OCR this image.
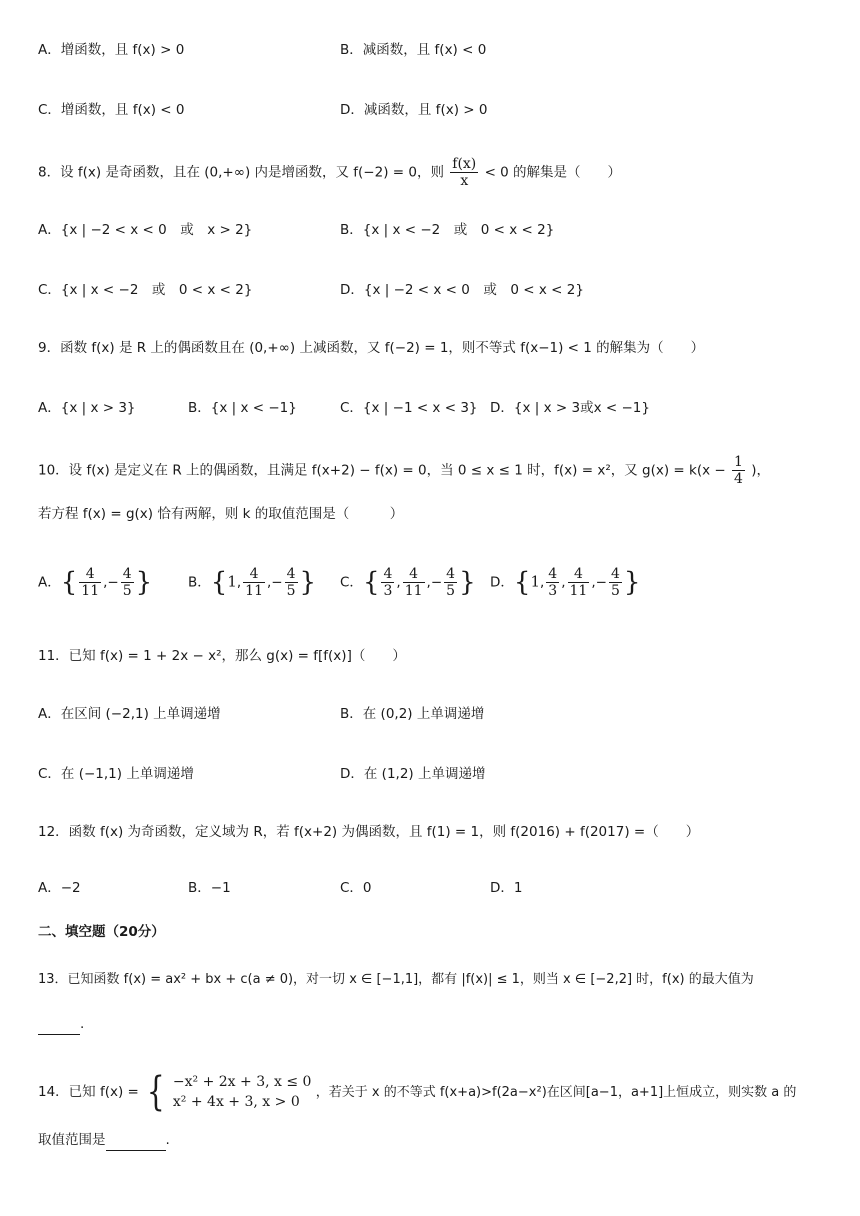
A．增函数，且 f(x) > 0	B．减函数，且 f(x) < 0
C．增函数，且 f(x) < 0	D．减函数，且 f(x) > 0
8．设 f(x) 是奇函数，且在 (0,+∞) 内是增函数，又 f(−2) = 0，则 $\frac{f(x)}{x} < 0$ 的解集是（　　）
A．{x | −2 < x < 0　或　x > 2}	B．{x | x < −2　或　0 < x < 2}
C．{x | x < −2　或　0 < x < 2}	D．{x | −2 < x < 0　或　0 < x < 2}
9．函数 f(x) 是 R 上的偶函数且在 (0,+∞) 上减函数，又 f(−2) = 1，则不等式 f(x−1) < 1 的解集为（　　）
A．{x | x > 3}	B．{x | x < −1}	C．{x | −1 < x < 3} D．{x | x > 3或x < −1}
10．设 f(x) 是定义在 R 上的偶函数，且满足 f(x+2) − f(x) = 0，当 0 ≤ x ≤ 1 时，f(x) = x²，又 $g(x) = k(x - \frac{1}{4}$ )，
若方程 f(x) = g(x) 恰有两解，则 k 的取值范围是（　　　）
A．{ $\frac{4}{11}$ ,− $\frac{4}{5}$ }	B．{1, $\frac{4}{11}$ ,− $\frac{4}{5}$ } C．{ $\frac{4}{3}$ , $\frac{4}{11}$ ,− $\frac{4}{5}$ } D．{1, $\frac{4}{3}$ , $\frac{4}{11}$ ,− $\frac{4}{5}$ }
11．已知 f(x) = 1 + 2x − x²，那么 g(x) = f[f(x)]（　　）
A．在区间 (−2,1) 上单调递增	B．在 (0,2) 上单调递增
C．在 (−1,1) 上单调递增	D．在 (1,2) 上单调递增
12．函数 f(x) 为奇函数，定义域为 R，若 f(x+2) 为偶函数，且 f(1) = 1，则 f(2016) + f(2017) =（　　）
A．−2	B．−1	C．0	D．1
二、填空题（20分）
13．已知函数 f(x) = ax² + bx + c(a ≠ 0)，对一切 x ∈ [−1,1]，都有 |f(x)| ≤ 1，则当 x ∈ [−2,2] 时，f(x) 的最大值为
.
14．已知 f(x) = { −x² + 2x + 3, x ≤ 0
x² + 4x + 3, x > 0
，若关于 x 的不等式 f(x+a)>f(2a−x²)在区间[a−1，a+1]上恒成立，则实数 a 的
取值范围是	.
